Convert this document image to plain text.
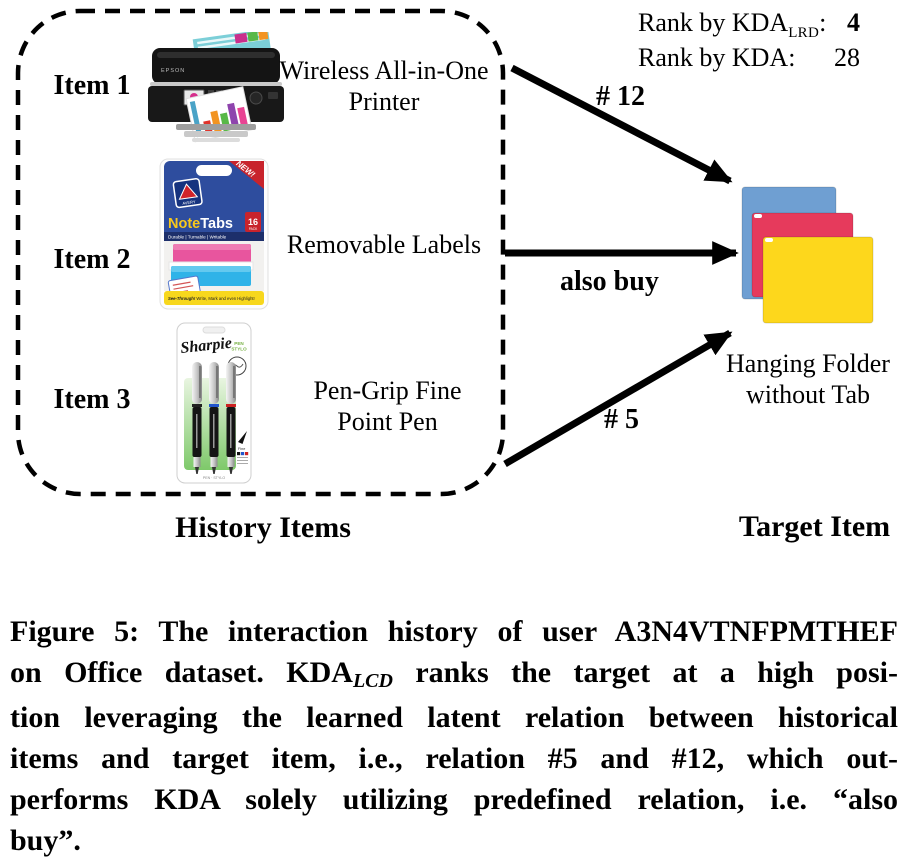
Item 1
Item 2
Item 3
EPSON	Wireless All-in-One Printer
NEW!
AVERY
NoteTabs 16
PACK
Durable | Turnable | Writable
See-Through! Write, Mark and even Highlight!
Removable Labels
Sharpie PEN
STYLO
Fine
PEN · STYLO
Pen-Grip Fine Point Pen
# 12
also buy
# 5
Rank by $KDA_{LRD}$: 4
Rank by KDA: 28
Hanging Folder without Tab
Target Item
History Items
Figure 5: The interaction history of user A3N4VTNFPMTHEF
on Office dataset. KDALCD ranks the target at a high posi-
tion leveraging the learned latent relation between historical
items and target item, i.e., relation #5 and #12, which out-
performs KDA solely utilizing predefined relation, i.e. “also
buy”.
